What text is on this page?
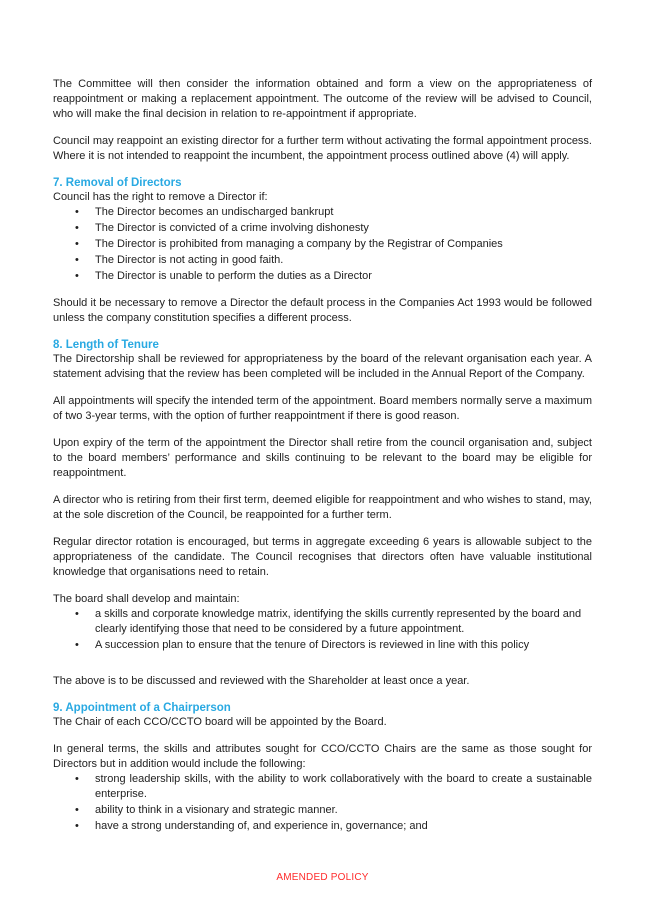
The Committee will then consider the information obtained and form a view on the appropriateness of reappointment or making a replacement appointment. The outcome of the review will be advised to Council, who will make the final decision in relation to re-appointment if appropriate.

Council may reappoint an existing director for a further term without activating the formal appointment process. Where it is not intended to reappoint the incumbent, the appointment process outlined above (4) will apply.

7. Removal of Directors

Council has the right to remove a Director if:

• The Director becomes an undischarged bankrupt
• The Director is convicted of a crime involving dishonesty
• The Director is prohibited from managing a company by the Registrar of Companies
• The Director is not acting in good faith.
• The Director is unable to perform the duties as a Director

Should it be necessary to remove a Director the default process in the Companies Act 1993 would be followed unless the company constitution specifies a different process.

8. Length of Tenure

The Directorship shall be reviewed for appropriateness by the board of the relevant organisation each year. A statement advising that the review has been completed will be included in the Annual Report of the Company.

All appointments will specify the intended term of the appointment. Board members normally serve a maximum of two 3-year terms, with the option of further reappointment if there is good reason.

Upon expiry of the term of the appointment the Director shall retire from the council organisation and, subject to the board members’ performance and skills continuing to be relevant to the board may be eligible for reappointment.

A director who is retiring from their first term, deemed eligible for reappointment and who wishes to stand, may, at the sole discretion of the Council, be reappointed for a further term.

Regular director rotation is encouraged, but terms in aggregate exceeding 6 years is allowable subject to the appropriateness of the candidate. The Council recognises that directors often have valuable institutional knowledge that organisations need to retain.

The board shall develop and maintain:

• a skills and corporate knowledge matrix, identifying the skills currently represented by the board and clearly identifying those that need to be considered by a future appointment.
• A succession plan to ensure that the tenure of Directors is reviewed in line with this policy

The above is to be discussed and reviewed with the Shareholder at least once a year.

9. Appointment of a Chairperson

The Chair of each CCO/CCTO board will be appointed by the Board.

In general terms, the skills and attributes sought for CCO/CCTO Chairs are the same as those sought for Directors but in addition would include the following:

• strong leadership skills, with the ability to work collaboratively with the board to create a sustainable enterprise.
• ability to think in a visionary and strategic manner.
• have a strong understanding of, and experience in, governance; and
AMENDED POLICY
